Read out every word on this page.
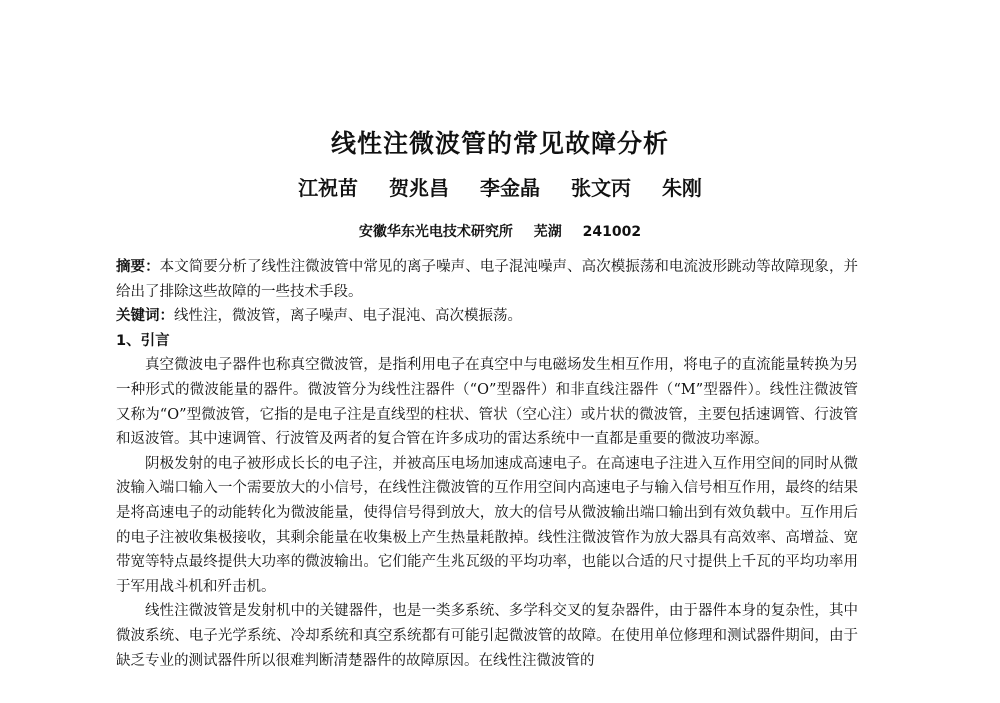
线性注微波管的常见故障分析
江祝苗 贺兆昌 李金晶 张文丙 朱刚
安徽华东光电技术研究所 芜湖 241002

摘要：本文简要分析了线性注微波管中常见的离子噪声、电子混沌噪声、高次模振荡和电流波形跳动等故障现象，并给出了排除这些故障的一些技术手段。

关键词：线性注，微波管，离子噪声、电子混沌、高次模振荡。

1、引言

真空微波电子器件也称真空微波管，是指利用电子在真空中与电磁场发生相互作用，将电子的直流能量转换为另一种形式的微波能量的器件。微波管分为线性注器件（“O”型器件）和非直线注器件（“M”型器件）。线性注微波管又称为“O”型微波管，它指的是电子注是直线型的柱状、管状（空心注）或片状的微波管，主要包括速调管、行波管和返波管。其中速调管、行波管及两者的复合管在许多成功的雷达系统中一直都是重要的微波功率源。

阴极发射的电子被形成长长的电子注，并被高压电场加速成高速电子。在高速电子注进入互作用空间的同时从微波输入端口输入一个需要放大的小信号，在线性注微波管的互作用空间内高速电子与输入信号相互作用，最终的结果是将高速电子的动能转化为微波能量，使得信号得到放大，放大的信号从微波输出端口输出到有效负载中。互作用后的电子注被收集极接收，其剩余能量在收集极上产生热量耗散掉。线性注微波管作为放大器具有高效率、高增益、宽带宽等特点最终提供大功率的微波输出。它们能产生兆瓦级的平均功率，也能以合适的尺寸提供上千瓦的平均功率用于军用战斗机和歼击机。

线性注微波管是发射机中的关键器件，也是一类多系统、多学科交叉的复杂器件，由于器件本身的复杂性，其中微波系统、电子光学系统、冷却系统和真空系统都有可能引起微波管的故障。在使用单位修理和测试器件期间，由于缺乏专业的测试器件所以很难判断清楚器件的故障原因。在线性注微波管的
